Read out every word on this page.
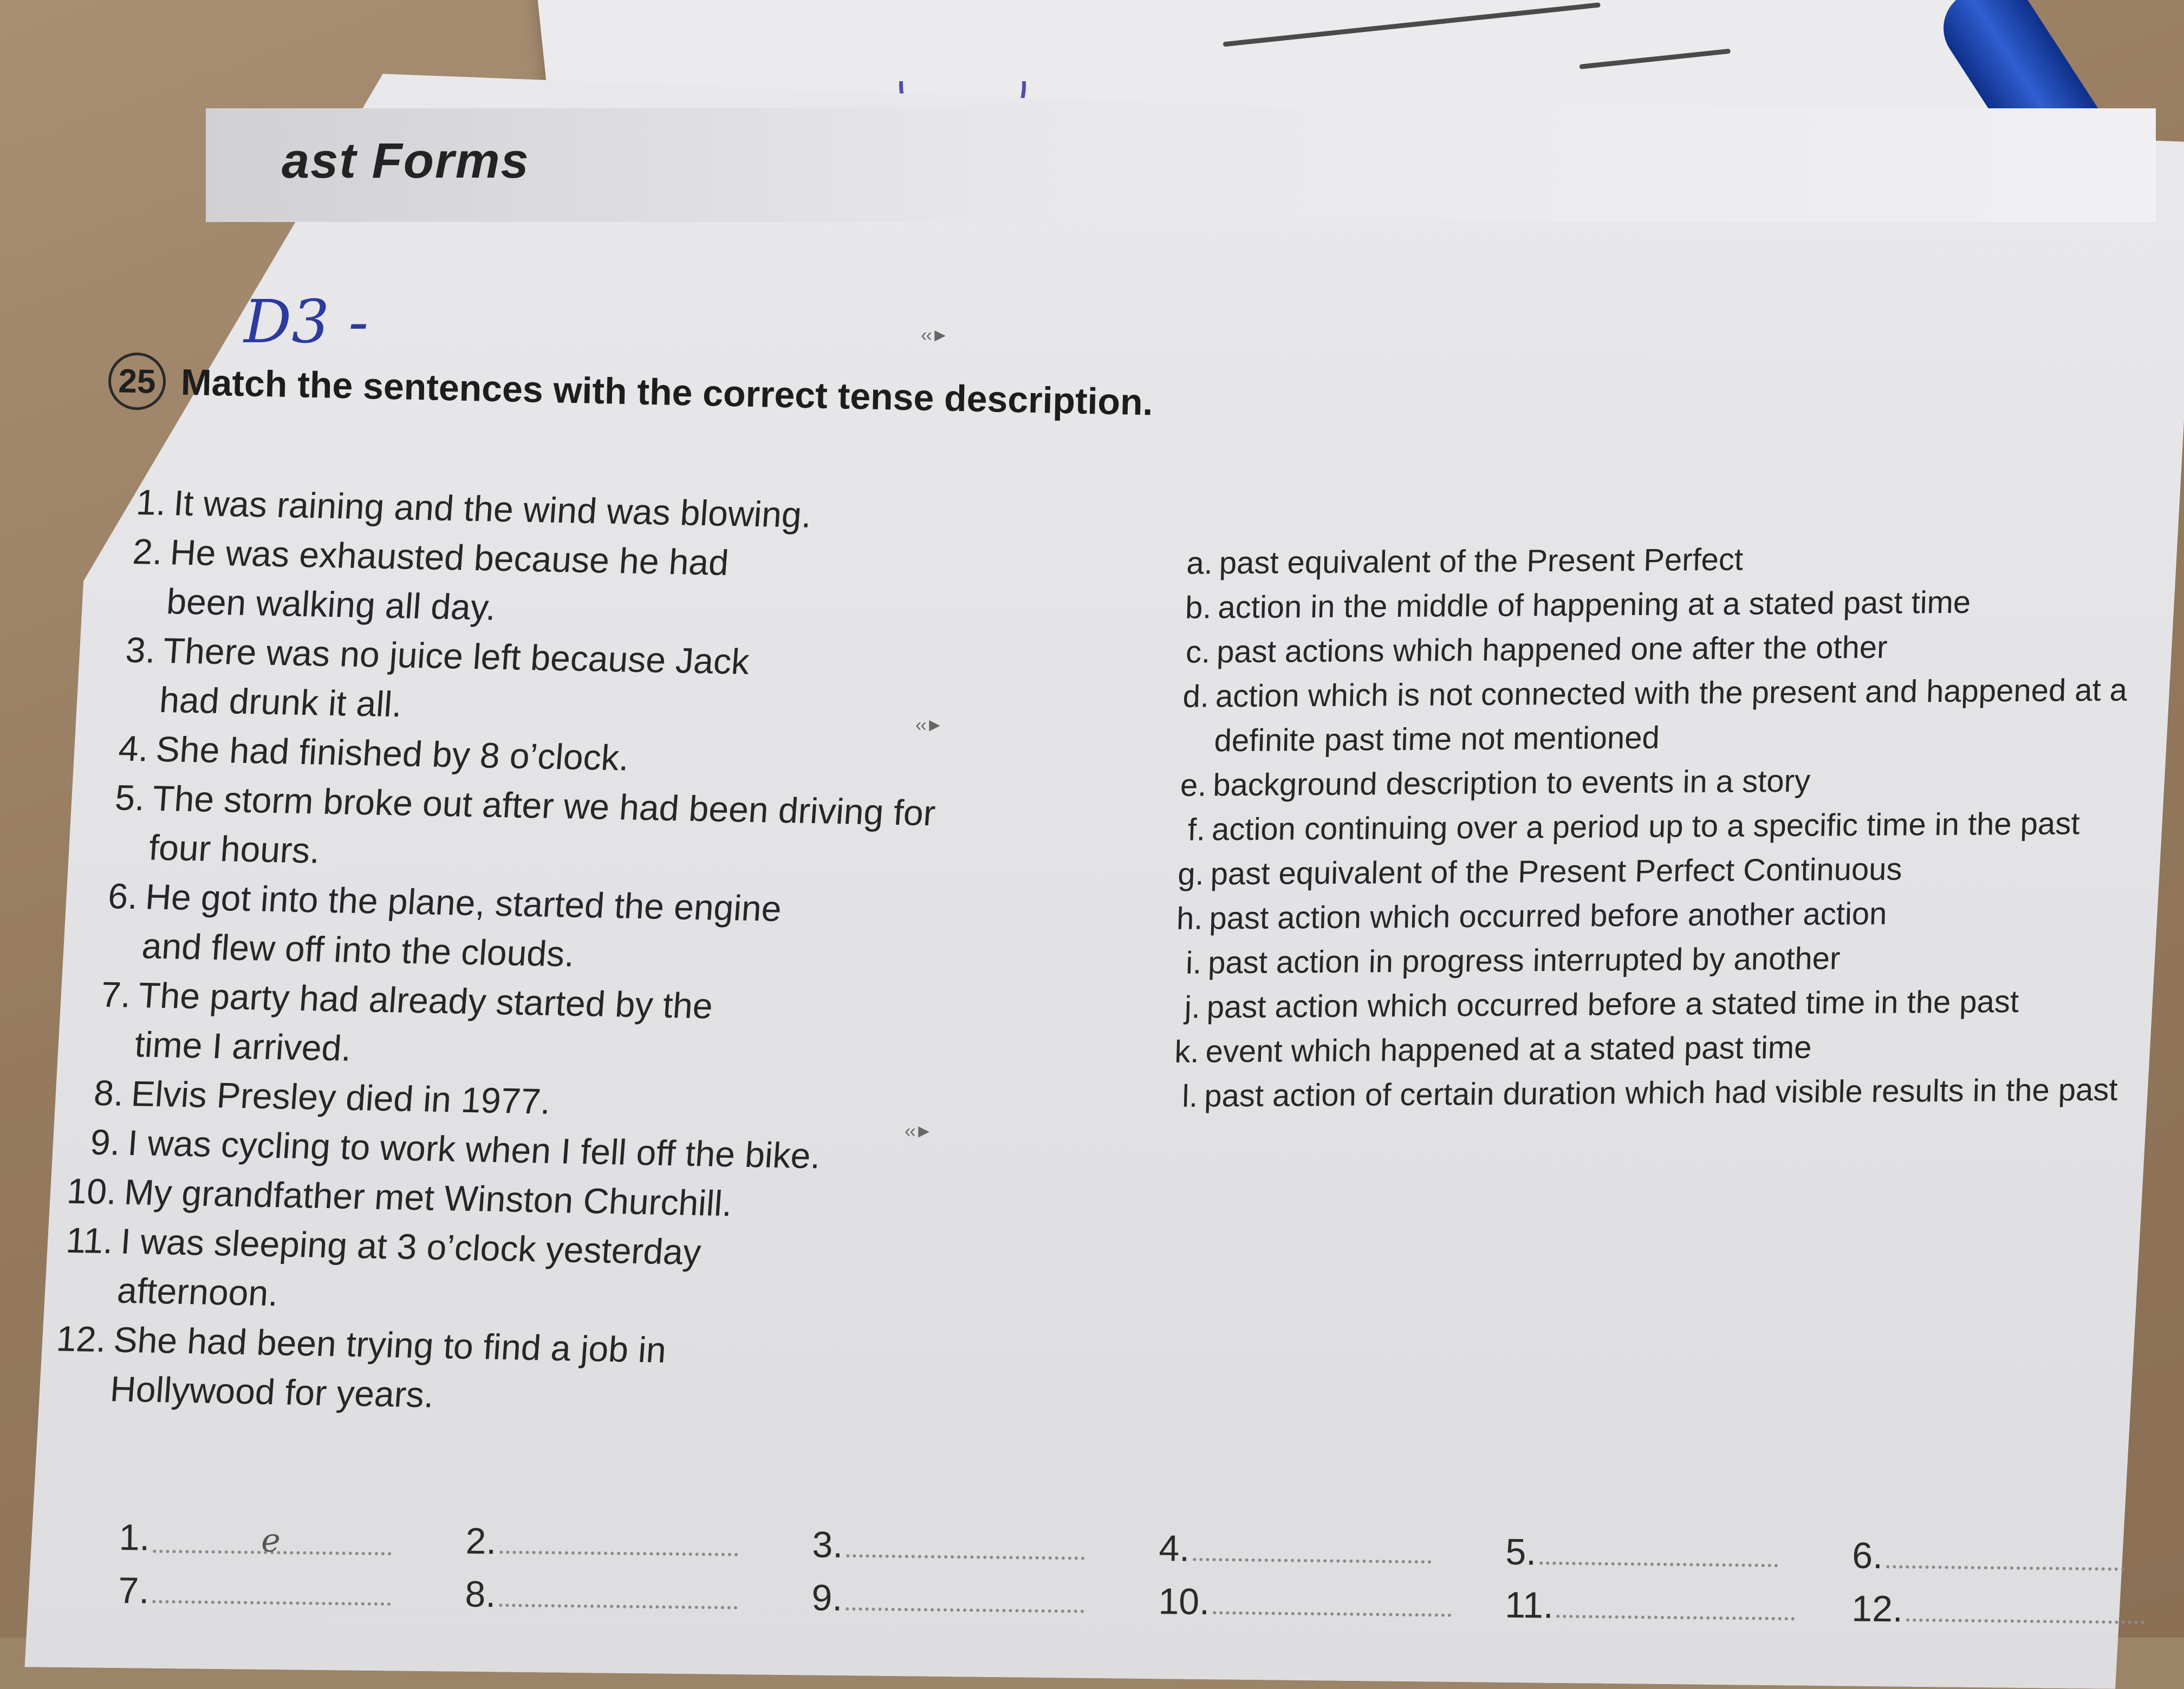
ast Forms
D3 -
25 Match the sentences with the correct tense description.
1. It was raining and the wind was blowing.
2. He was exhausted because he had been walking all day.
3. There was no juice left because Jack had drunk it all.
4. She had finished by 8 o’clock.
5. The storm broke out after we had been driving for four hours.
6. He got into the plane, started the engine and flew off into the clouds.
7. The party had already started by the time I arrived.
8. Elvis Presley died in 1977.
9. I was cycling to work when I fell off the bike.
10. My grandfather met Winston Churchill.
11. I was sleeping at 3 o’clock yesterday afternoon.
12. She had been trying to find a job in Hollywood for years.
a. past equivalent of the Present Perfect
b. action in the middle of happening at a stated past time
c. past actions which happened one after the other
d. action which is not connected with the present and happened at a definite past time not mentioned
e. background description to events in a story
f. action continuing over a period up to a specific time in the past
g. past equivalent of the Present Perfect Continuous
h. past action which occurred before another action
i. past action in progress interrupted by another
j. past action which occurred before a stated time in the past
k. event which happened at a stated past time
l. past action of certain duration which had visible results in the past
‹‹►
‹‹►
‹‹►
1.	e	2.	3.	4.	5.	6.
7.	8.	9.	10.	11.	12.
